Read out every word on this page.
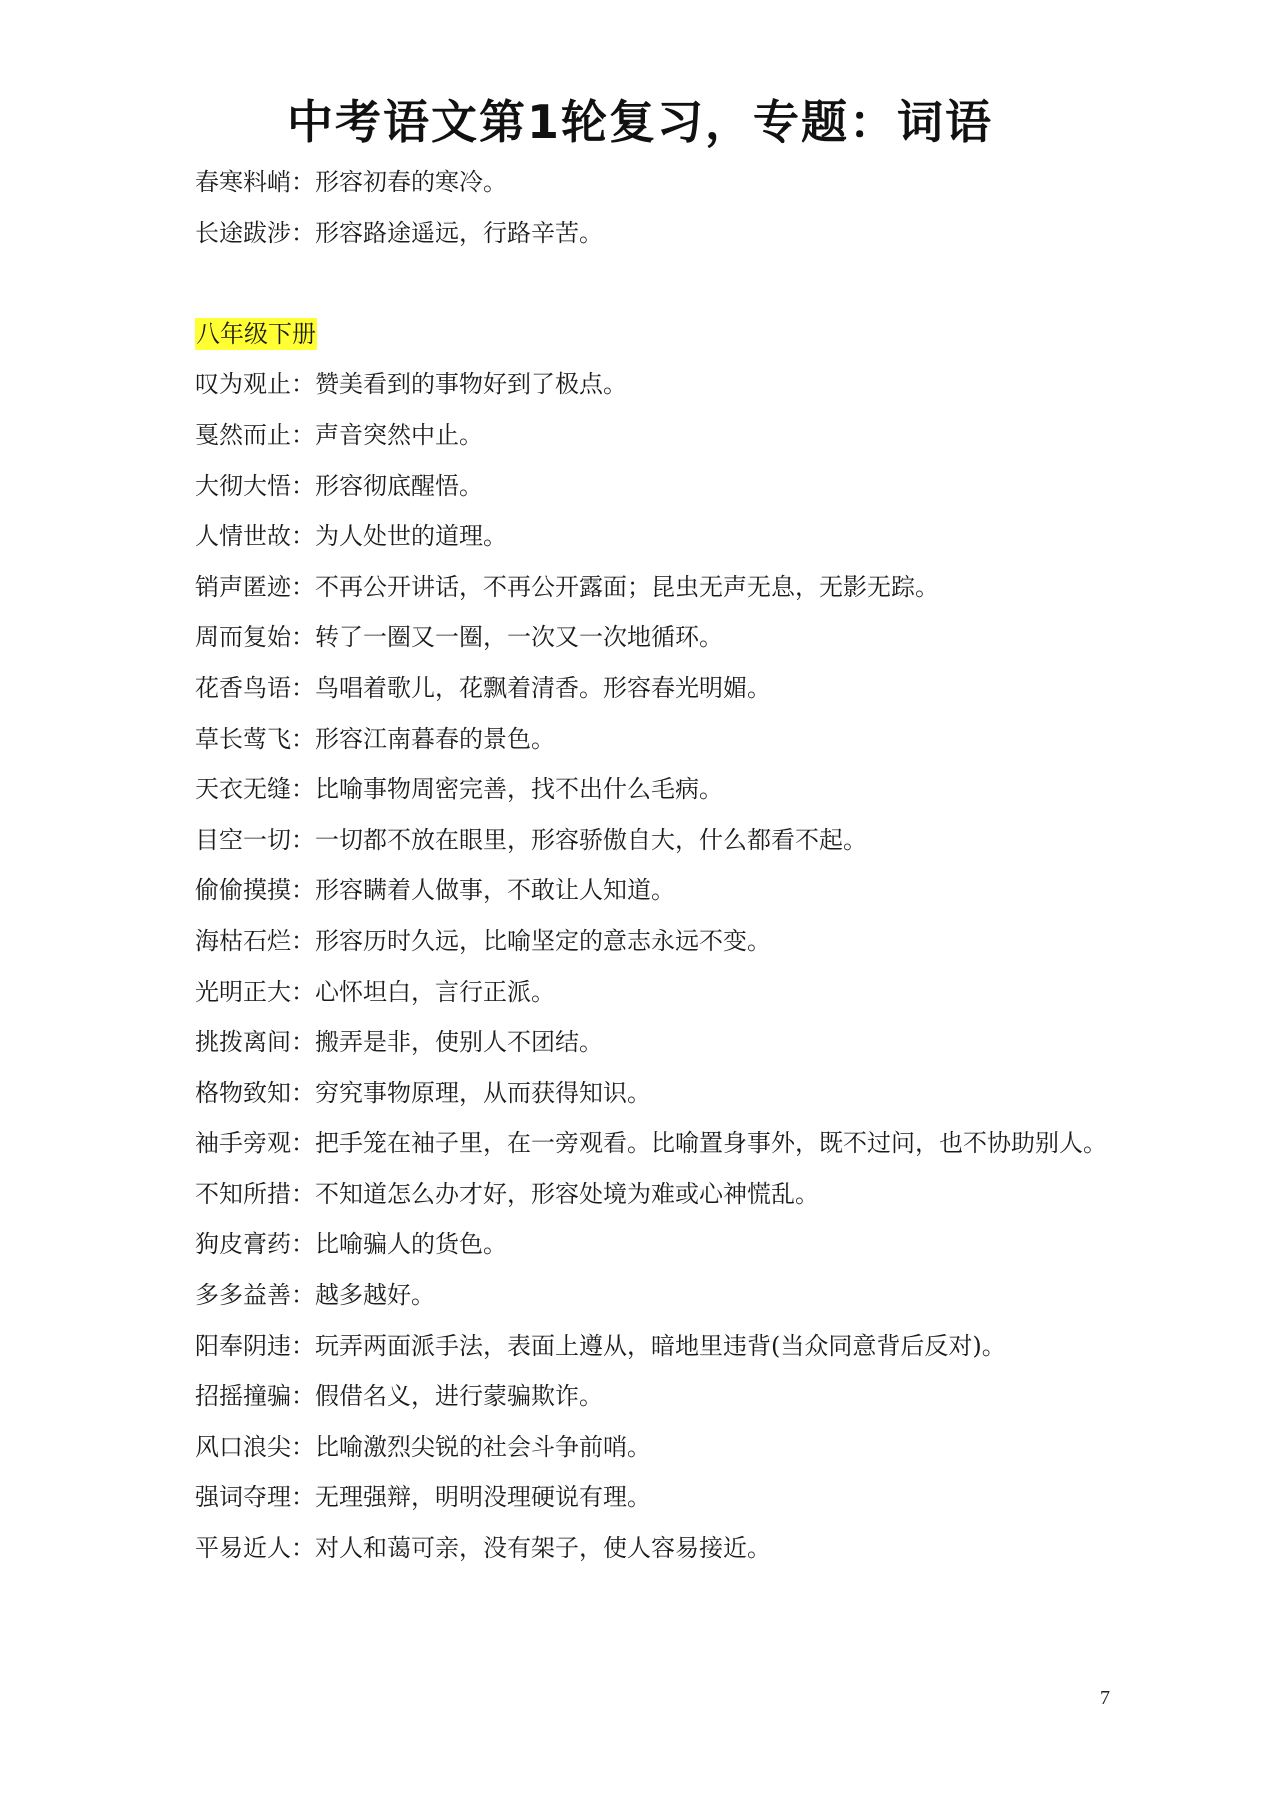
中考语文第1轮复习，专题：词语

春寒料峭：形容初春的寒冷。

长途跋涉：形容路途遥远，行路辛苦。

八年级下册

叹为观止：赞美看到的事物好到了极点。

戛然而止：声音突然中止。

大彻大悟：形容彻底醒悟。

人情世故：为人处世的道理。

销声匿迹：不再公开讲话，不再公开露面；昆虫无声无息，无影无踪。

周而复始：转了一圈又一圈，一次又一次地循环。

花香鸟语：鸟唱着歌儿，花飘着清香。形容春光明媚。

草长莺飞：形容江南暮春的景色。

天衣无缝：比喻事物周密完善，找不出什么毛病。

目空一切：一切都不放在眼里，形容骄傲自大，什么都看不起。

偷偷摸摸：形容瞒着人做事，不敢让人知道。

海枯石烂：形容历时久远，比喻坚定的意志永远不变。

光明正大：心怀坦白，言行正派。

挑拨离间：搬弄是非，使别人不团结。

格物致知：穷究事物原理，从而获得知识。

袖手旁观：把手笼在袖子里，在一旁观看。比喻置身事外，既不过问，也不协助别人。

不知所措：不知道怎么办才好，形容处境为难或心神慌乱。

狗皮膏药：比喻骗人的货色。

多多益善：越多越好。

阳奉阴违：玩弄两面派手法，表面上遵从，暗地里违背(当众同意背后反对)。

招摇撞骗：假借名义，进行蒙骗欺诈。

风口浪尖：比喻激烈尖锐的社会斗争前哨。

强词夺理：无理强辩，明明没理硬说有理。

平易近人：对人和蔼可亲，没有架子，使人容易接近。

7
